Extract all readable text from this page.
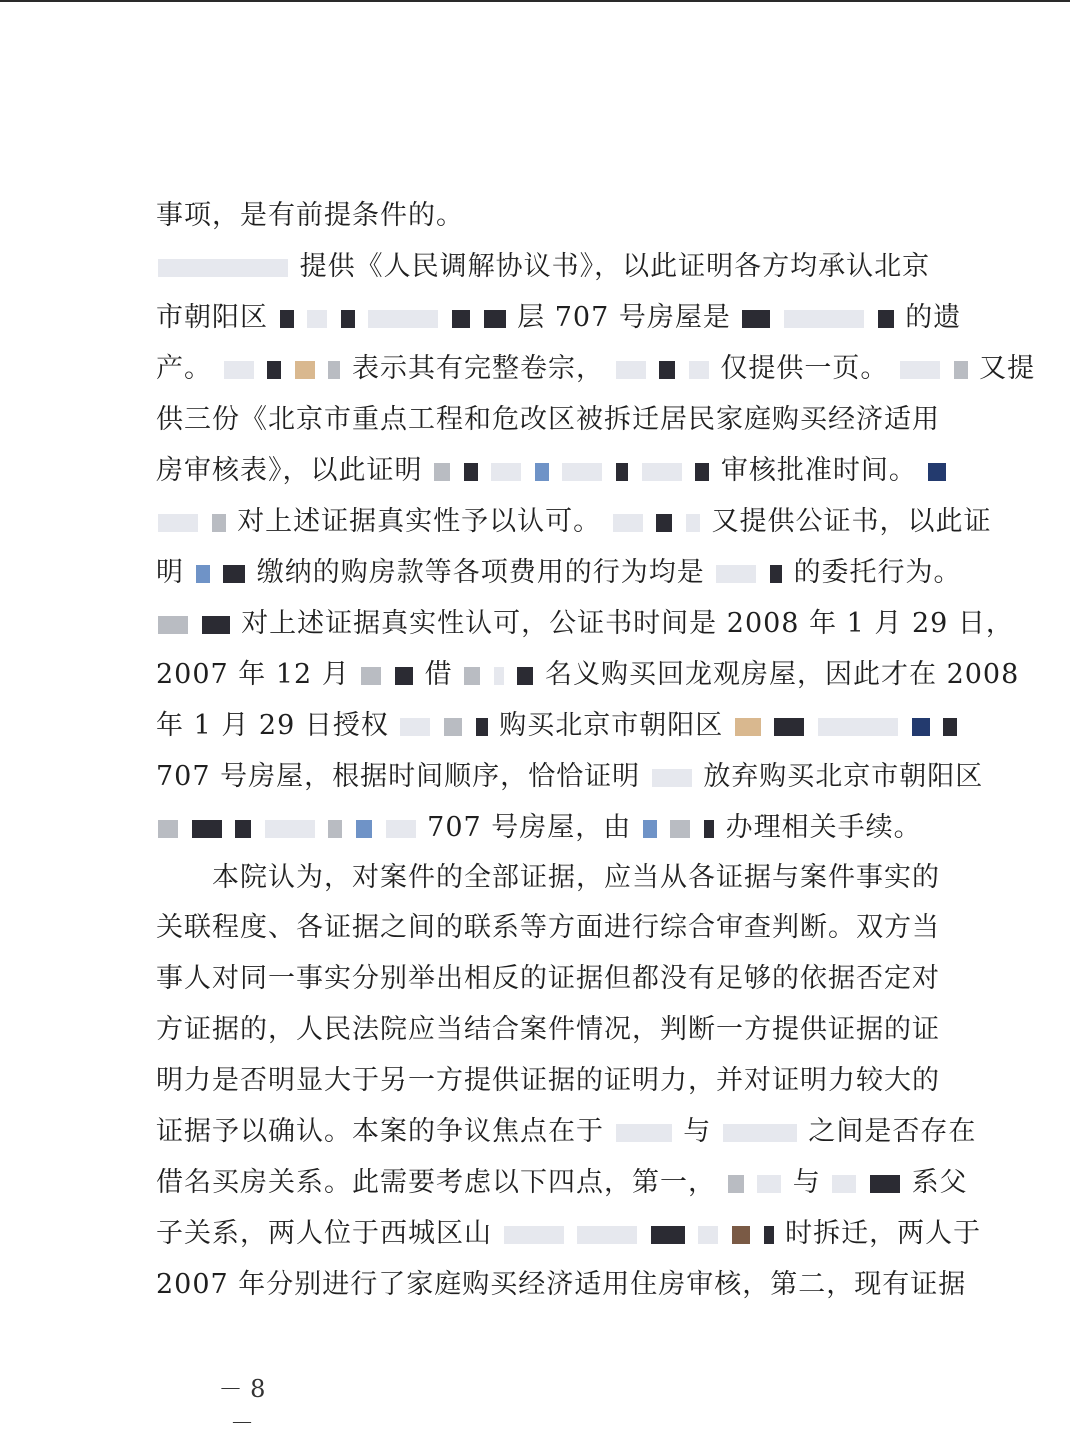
事项，是有前提条件的。
提供《人民调解协议书》，以此证明各方均承认北京
市朝阳区	层 707 号房屋是	的遗
产。	表示其有完整卷宗，	仅提供一页。	又提
供三份《北京市重点工程和危改区被拆迁居民家庭购买经济适用
房审核表》，以此证明	审核批准时间。
对上述证据真实性予以认可。	又提供公证书，以此证
明	缴纳的购房款等各项费用的行为均是	的委托行为。
对上述证据真实性认可，公证书时间是 2008 年 1 月 29 日，
2007 年 12 月	借	名义购买回龙观房屋，因此才在 2008
年 1 月 29 日授权	购买北京市朝阳区
707 号房屋，根据时间顺序，恰恰证明 放弃购买北京市朝阳区
707 号房屋，由	办理相关手续。
本院认为，对案件的全部证据，应当从各证据与案件事实的
关联程度、各证据之间的联系等方面进行综合审查判断。双方当
事人对同一事实分别举出相反的证据但都没有足够的依据否定对
方证据的，人民法院应当结合案件情况，判断一方提供证据的证
明力是否明显大于另一方提供证据的证明力，并对证明力较大的
证据予以确认。本案的争议焦点在于	与	之间是否存在
借名买房关系。此需要考虑以下四点，第一，	与	系父
子关系，两人位于西城区山	时拆迁，两人于
2007 年分别进行了家庭购买经济适用住房审核，第二，现有证据
－ 8 －
